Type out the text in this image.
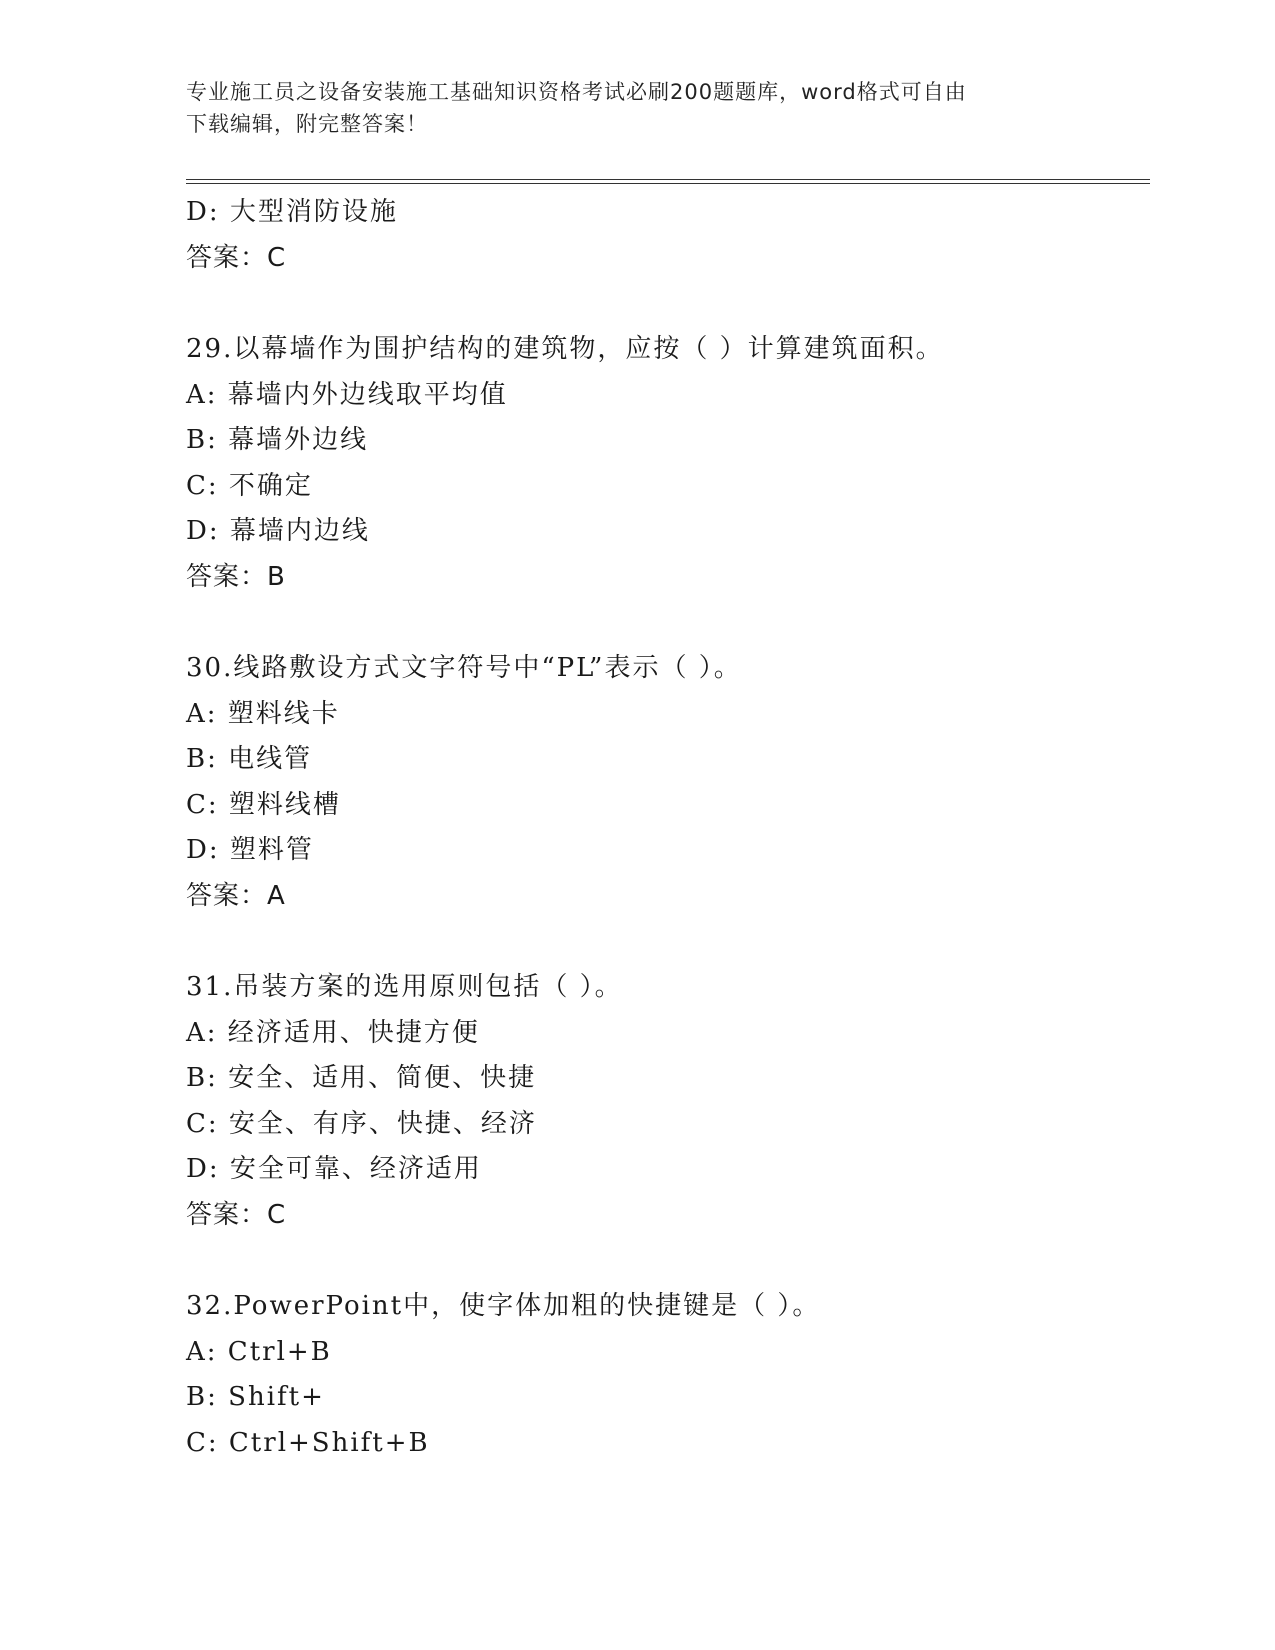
专业施工员之设备安装施工基础知识资格考试必刷200题题库，word格式可自由
下载编辑，附完整答案！
D: 大型消防设施
答案：C
29.以幕墙作为围护结构的建筑物，应按（ ）计算建筑面积。
A: 幕墙内外边线取平均值
B: 幕墙外边线
C: 不确定
D: 幕墙内边线
答案：B
30.线路敷设方式文字符号中“PL”表示（ ）。
A: 塑料线卡
B: 电线管
C: 塑料线槽
D: 塑料管
答案：A
31.吊装方案的选用原则包括（ ）。
A: 经济适用、快捷方便
B: 安全、适用、简便、快捷
C: 安全、有序、快捷、经济
D: 安全可靠、经济适用
答案：C
32.PowerPoint中，使字体加粗的快捷键是（ ）。
A: Ctrl+B
B: Shift+
C: Ctrl+Shift+B
